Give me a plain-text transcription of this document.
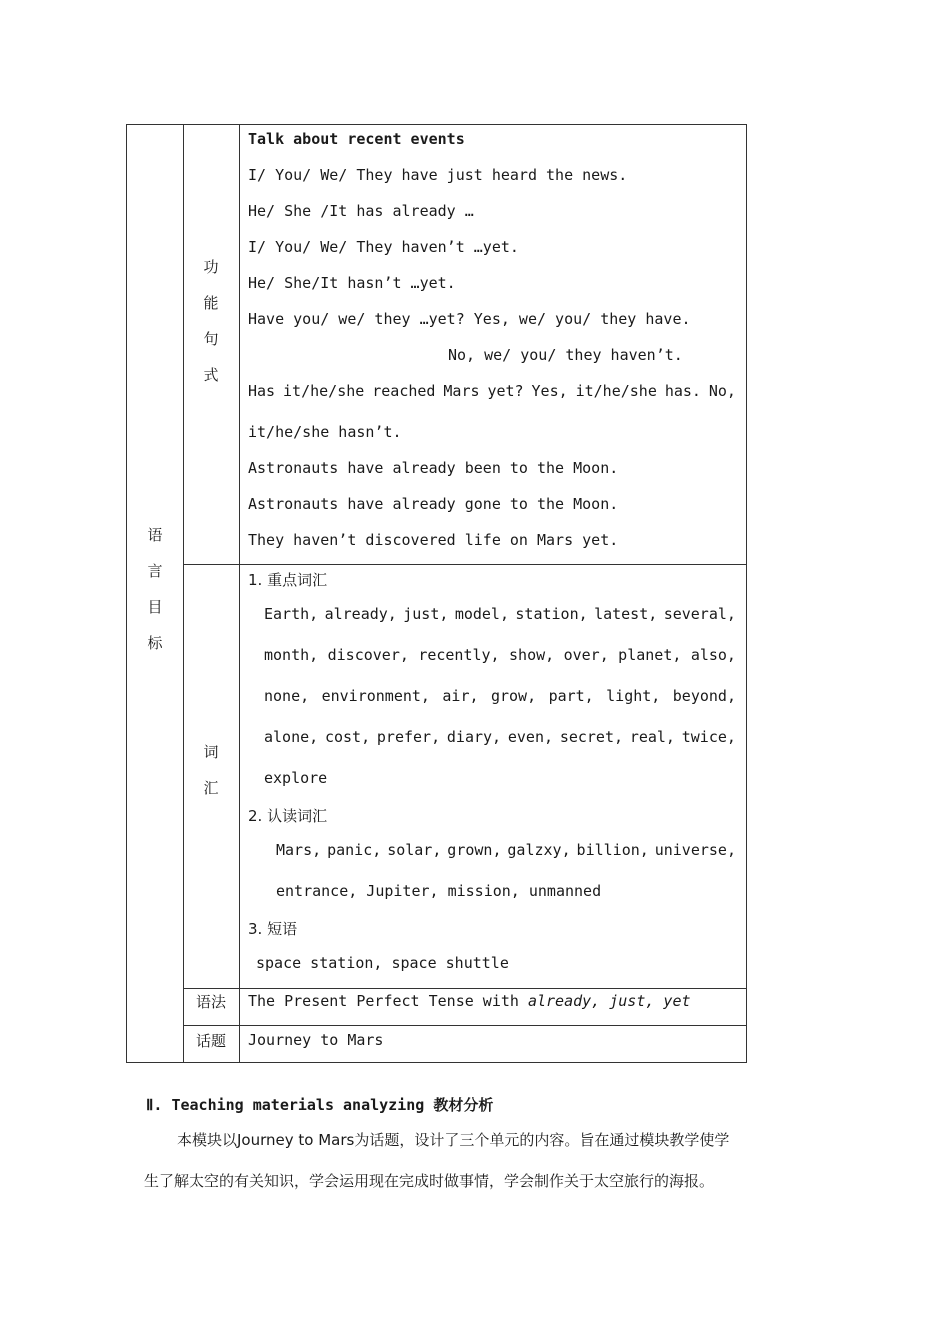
语
言
目
标
功
能
句
式
词
汇
语法
话题
Talk about recent events
I/ You/ We/ They have just heard the news.
He/ She /It has already …
I/ You/ We/ They haven’t …yet.
He/ She/It hasn’t …yet.
Have you/ we/ they …yet? Yes, we/ you/ they have.
No, we/ you/ they haven’t.
Has it/he/she reached Mars yet? Yes, it/he/she has. No,
it/he/she hasn’t.
Astronauts have already been to the Moon.
Astronauts have already gone to the Moon.
They haven’t discovered life on Mars yet.
1. 重点词汇
Earth, already, just, model, station, latest, several,
month, discover, recently, show, over, planet, also,
none, environment, air, grow, part, light, beyond,
alone, cost, prefer, diary, even, secret, real, twice,
explore
2. 认读词汇
Mars, panic, solar, grown, galzxy, billion, universe,
entrance, Jupiter, mission, unmanned
3. 短语
space station, space shuttle
The Present Perfect Tense with already, just, yet
Journey to Mars
Ⅱ. Teaching materials analyzing 教材分析
本模块以Journey to Mars为话题，设计了三个单元的内容。旨在通过模块教学使学
生了解太空的有关知识，学会运用现在完成时做事情，学会制作关于太空旅行的海报。
